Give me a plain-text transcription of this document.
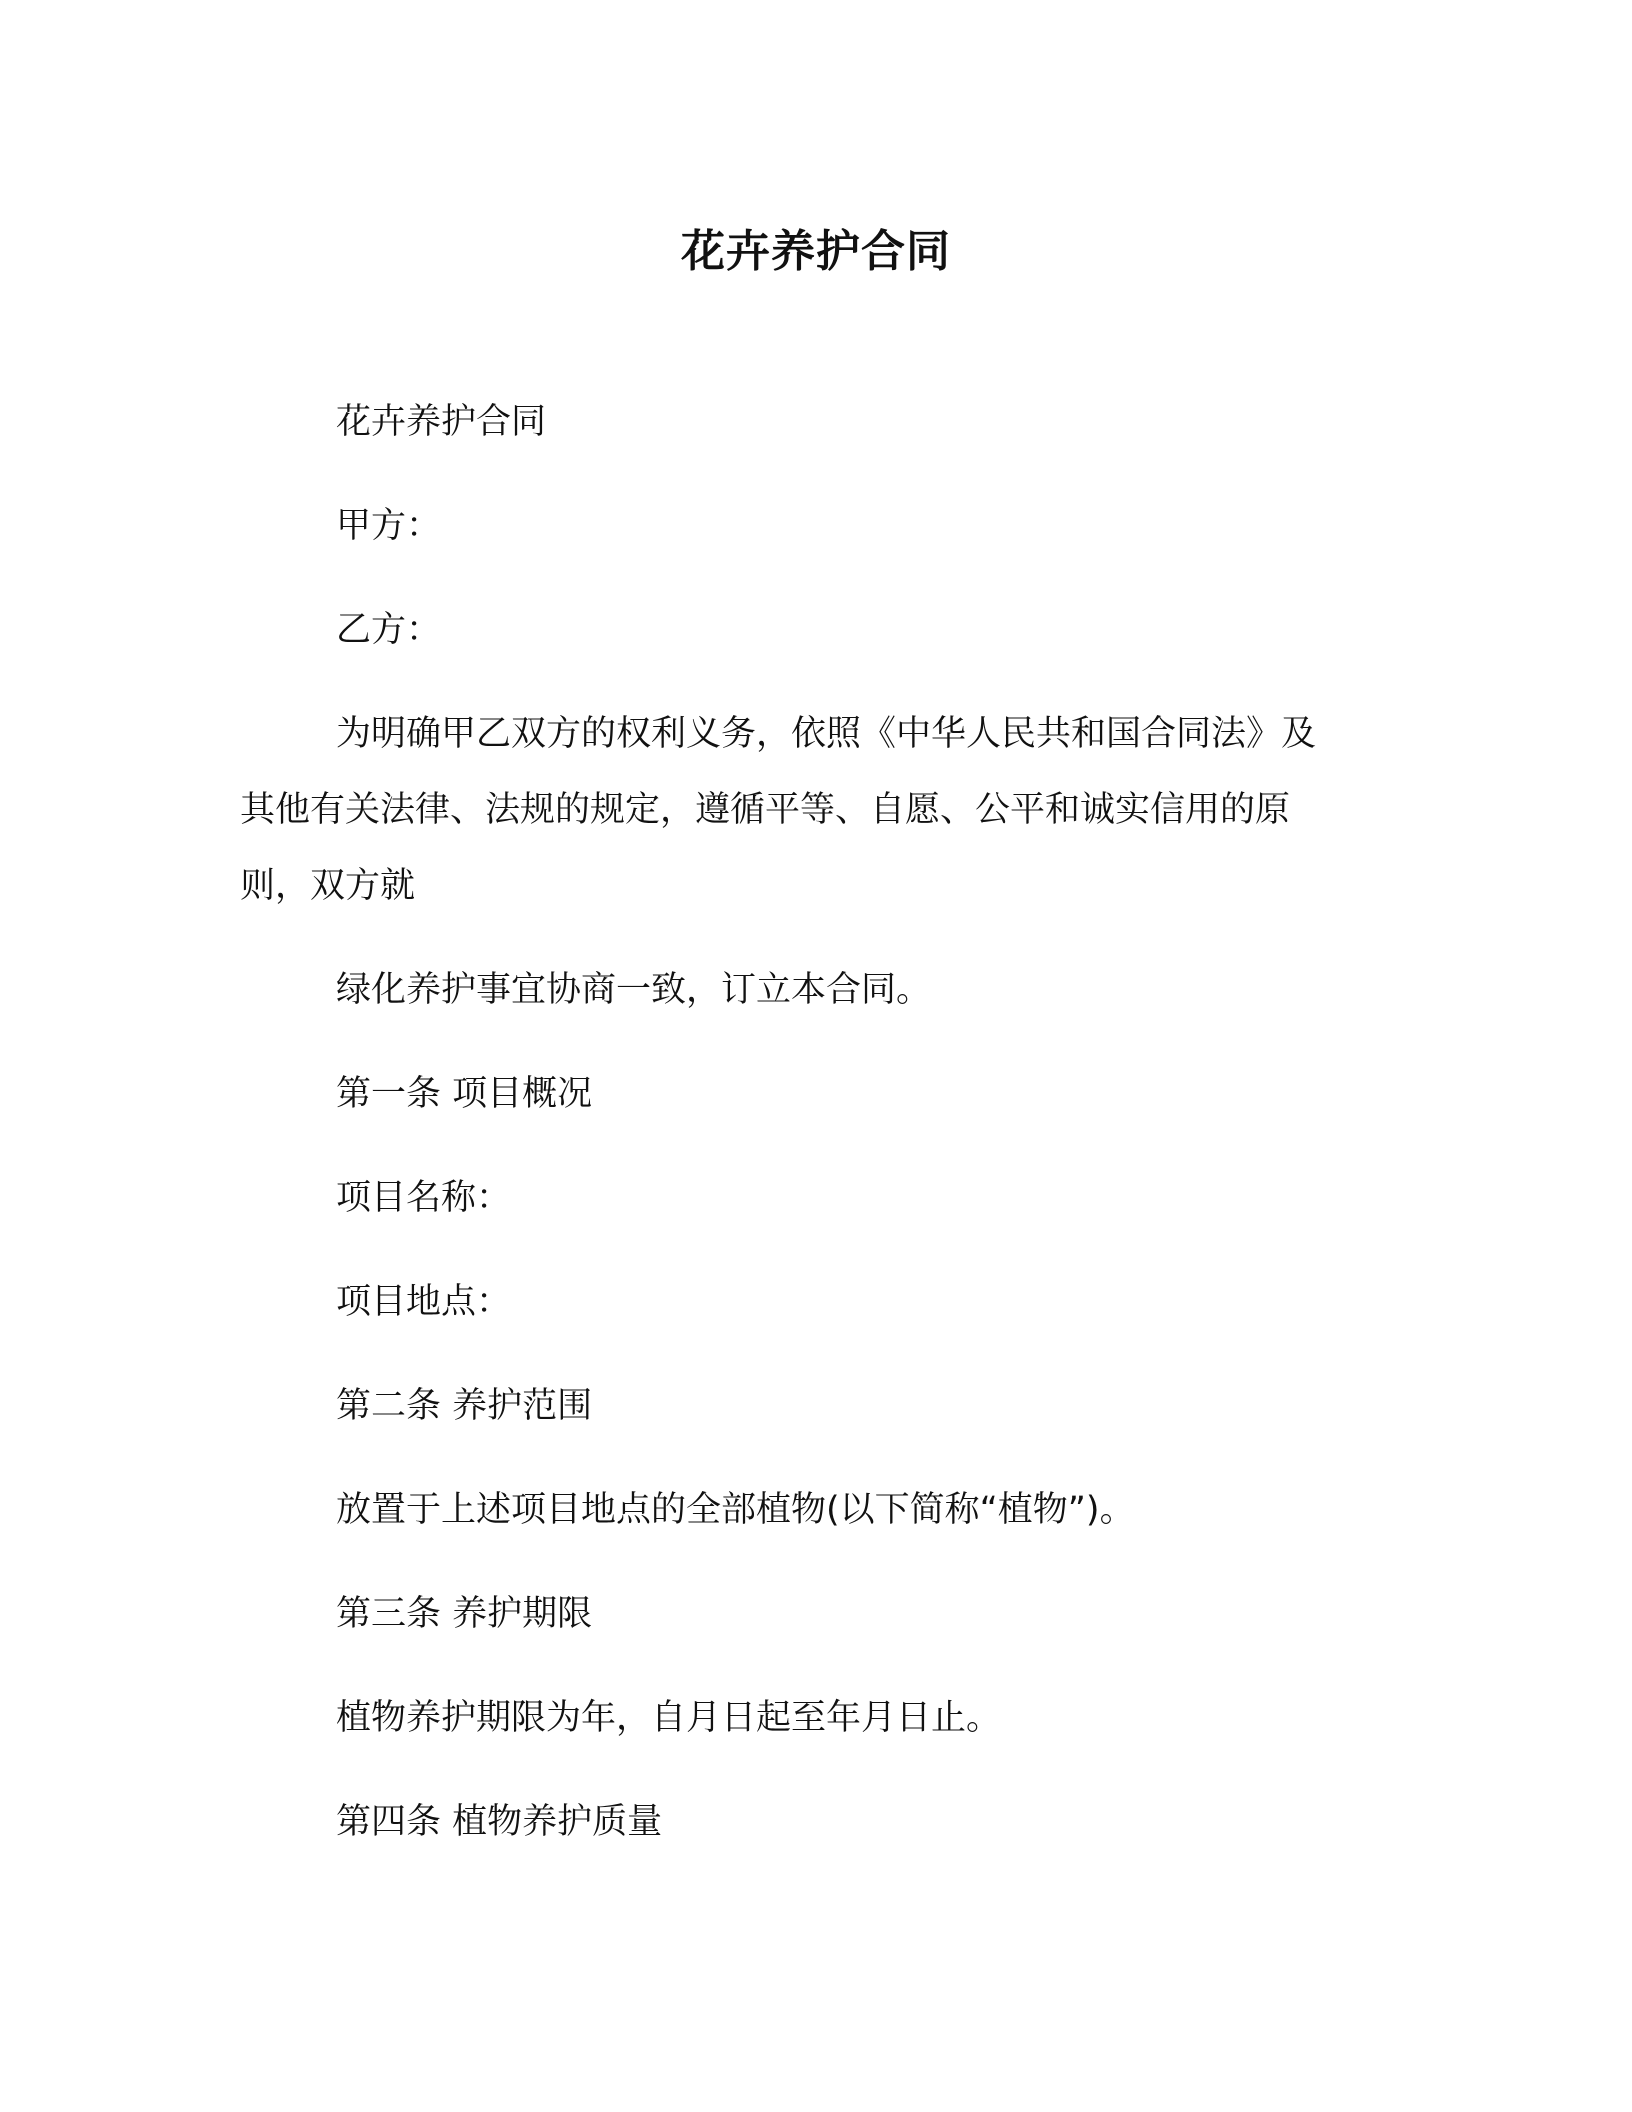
花卉养护合同

花卉养护合同

甲方：

乙方：

为明确甲乙双方的权利义务，依照《中华人民共和国合同法》及

其他有关法律、法规的规定，遵循平等、自愿、公平和诚实信用的原

则，双方就

绿化养护事宜协商一致，订立本合同。

第一条 项目概况

项目名称：

项目地点：

第二条 养护范围

放置于上述项目地点的全部植物(以下简称“植物”)。

第三条 养护期限

植物养护期限为年，自月日起至年月日止。

第四条 植物养护质量
